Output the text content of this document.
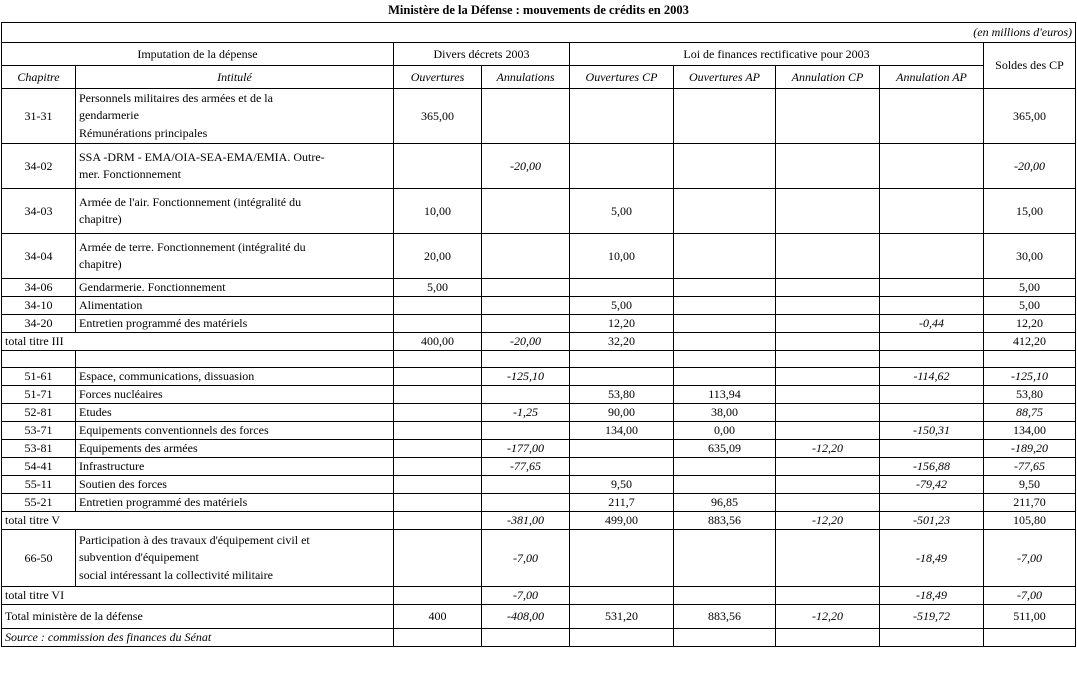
Ministère de la Défense : mouvements de crédits en 2003
(en millions d'euros)								
Imputation de la dépense		Divers décrets 2003		Loi de finances rectificative pour 2003				Soldes des CP
Chapitre	Intitulé	Ouvertures	Annulations	Ouvertures CP	Ouvertures AP	Annulation CP	Annulation AP	
31-31	Personnels militaires des armées et de la
gendarmerie
Rémunérations principales	365,00						365,00
34-02	SSA -DRM - EMA/OIA-SEA-EMA/EMIA. Outre-
mer. Fonctionnement		-20,00					-20,00
34-03	Armée de l'air. Fonctionnement (intégralité du
chapitre)	10,00		5,00				15,00
34-04	Armée de terre. Fonctionnement (intégralité du
chapitre)	20,00		10,00				30,00
34-06	Gendarmerie. Fonctionnement	5,00						5,00
34-10	Alimentation			5,00				5,00
34-20	Entretien programmé des matériels			12,20			-0,44	12,20
total titre III		400,00	-20,00	32,20				412,20

51-61	Espace, communications, dissuasion		-125,10				-114,62	-125,10
51-71	Forces nucléaires			53,80	113,94			53,80
52-81	Etudes		-1,25	90,00	38,00			88,75
53-71	Equipements conventionnels des forces			134,00	0,00		-150,31	134,00
53-81	Equipements des armées		-177,00		635,09	-12,20		-189,20
54-41	Infrastructure		-77,65				-156,88	-77,65
55-11	Soutien des forces			9,50			-79,42	9,50
55-21	Entretien programmé des matériels			211,7	96,85			211,70
total titre V			-381,00	499,00	883,56	-12,20	-501,23	105,80
66-50	Participation à des travaux d'équipement civil et
subvention d'équipement
social intéressant la collectivité militaire		-7,00				-18,49	-7,00
total titre VI			-7,00				-18,49	-7,00
Total ministère de la défense		400	-408,00	531,20	883,56	-12,20	-519,72	511,00
Source : commission des finances du Sénat								
